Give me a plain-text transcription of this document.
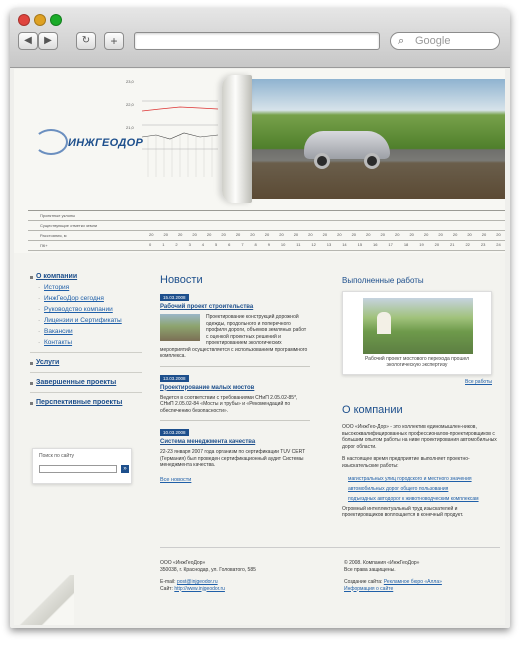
◀	▶	↻	+	⌕ Google
23,0
22,0
21,0
ИНЖГЕОДОР
Проектные уклоны
Существующие отметки земли
Расстояния, м	20	20	20	20	20	20	20	20	20	20	20	20	20	20	20	20	20	20	20	20	20	20	20	20	20
ПК+	0	1	2	3	4	5	6	7	8	9	10	11	12	13	14	15	16	17	18	19	20	21	22	23	24
О компании
· История
· ИнжГеоДор сегодня
· Руководство компании
· Лицензии и Сертификаты
· Вакансии
· Контакты
Услуги
Завершенные проекты
Перспективные проекты
Поиск по сайту
»
Новости
15.03.2008
Рабочий проект строительства
Проектирование конструкций дорожной одежды, продольного и поперечного профиля дороги, объемов земляных работ с оценкой проектных решений и проектированием экологических мероприятий осуществляется с использованием программного комплекса.
13.03.2008
Проектирование малых мостов
Ведется в соответствии с требованиями СНиП 2.05.02-85*, СНиП 2.05.02-84 «Мосты и трубы» и «Рекомендаций по обеспечению безопасности».
10.03.2008
Система менеджмента качества
22-23 января 2007 года организм по сертификации TUV CERT (Германия) был проведен сертификационный аудит Системы менеджмента качества.
Все новости
Выполненные работы
Рабочий проект мостового перехода прошел экологическую экспертизу
Все работы
О компании
ООО «ИнжГео-Дор» - это коллектив единомышлен-ников, высококвалифицированных профессионалов-проектировщиков с большим опытом работы на ниве проектирования автомобильных дорог области.
В настоящее время предприятие выполняет проектно-изыскательские работы:
магистральных улиц городского и местного значения
автомобильных дорог общего пользования
подъездных автодорог к животноводческим комплексам
Огромный интеллектуальный труд изыскателей и проектировщиков воплощается в конечный продукт.
ООО «ИнжГеоДор»
350038, г. Краснодар, ул. Головатого, 585
E-mail: post@injgeodor.ru
Сайт: http://www.injgeodor.ru
© 2008. Компания «ИнжГеоДор»
Все права защищены.
Создание сайта: Рекламное бюро «Алла»
Информация о сайте
